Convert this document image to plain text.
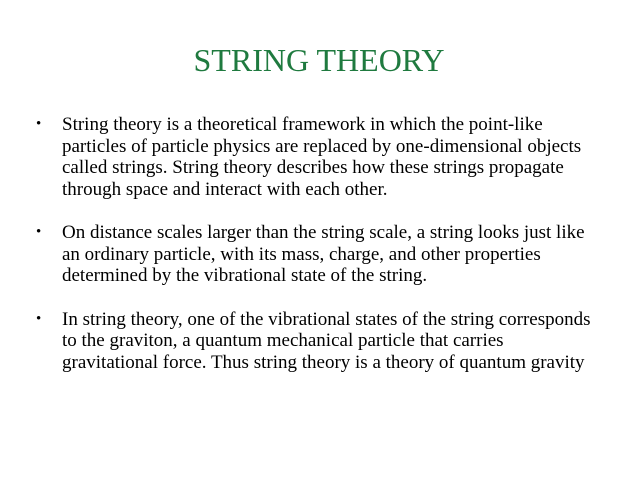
STRING THEORY
• String theory is a theoretical framework in which the point-like particles of particle physics are replaced by one-dimensional objects called strings. String theory describes how these strings propagate through space and interact with each other.
• On distance scales larger than the string scale, a string looks just like an ordinary particle, with its mass, charge, and other properties determined by the vibrational state of the string.
• In string theory, one of the vibrational states of the string corresponds to the graviton, a quantum mechanical particle that carries gravitational force. Thus string theory is a theory of quantum gravity
